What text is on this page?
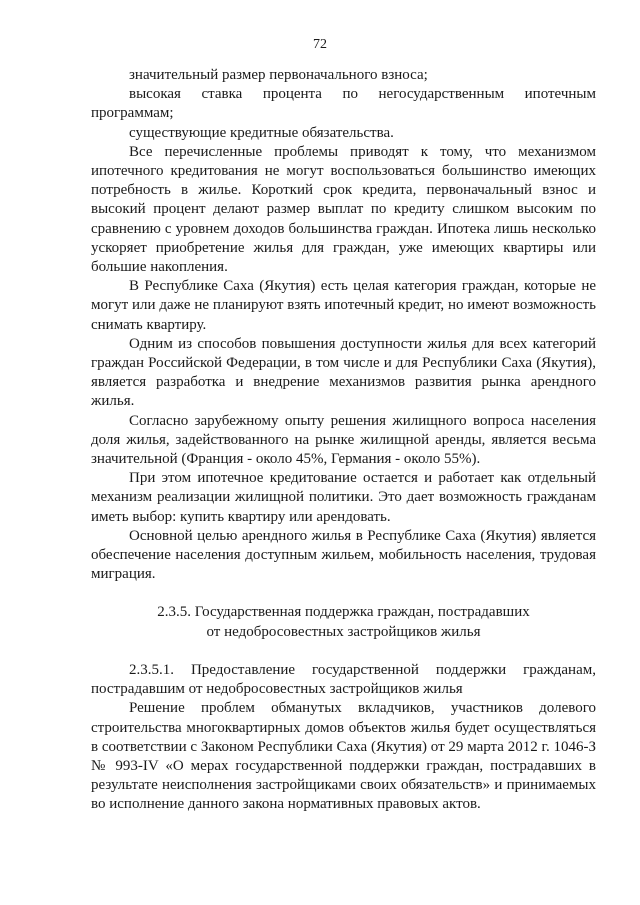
72

значительный размер первоначального взноса;

высокая ставка процента по негосударственным ипотечным программам;

существующие кредитные обязательства.

Все перечисленные проблемы приводят к тому, что механизмом ипотечного кредитования не могут воспользоваться большинство имеющих потребность в жилье. Короткий срок кредита, первоначальный взнос и высокий процент делают размер выплат по кредиту слишком высоким по сравнению с уровнем доходов большинства граждан. Ипотека лишь несколько ускоряет приобретение жилья для граждан, уже имеющих квартиры или большие накопления.

В Республике Саха (Якутия) есть целая категория граждан, которые не могут или даже не планируют взять ипотечный кредит, но имеют возможность снимать квартиру.

Одним из способов повышения доступности жилья для всех категорий граждан Российской Федерации, в том числе и для Республики Саха (Якутия), является разработка и внедрение механизмов развития рынка арендного жилья.

Согласно зарубежному опыту решения жилищного вопроса населения доля жилья, задействованного на рынке жилищной аренды, является весьма значительной (Франция - около 45%, Германия - около 55%).

При этом ипотечное кредитование остается и работает как отдельный механизм реализации жилищной политики. Это дает возможность гражданам иметь выбор: купить квартиру или арендовать.

Основной целью арендного жилья в Республике Саха (Якутия) является обеспечение населения доступным жильем, мобильность населения, трудовая миграция.

2.3.5. Государственная поддержка граждан, пострадавших
от недобросовестных застройщиков жилья

2.3.5.1. Предоставление государственной поддержки гражданам, пострадавшим от недобросовестных застройщиков жилья

Решение проблем обманутых вкладчиков, участников долевого строительства многоквартирных домов объектов жилья будет осуществляться в соответствии с Законом Республики Саха (Якутия) от 29 марта 2012 г. 1046-З № 993-IV «О мерах государственной поддержки граждан, пострадавших в результате неисполнения застройщиками своих обязательств» и принимаемых во исполнение данного закона нормативных правовых актов.
